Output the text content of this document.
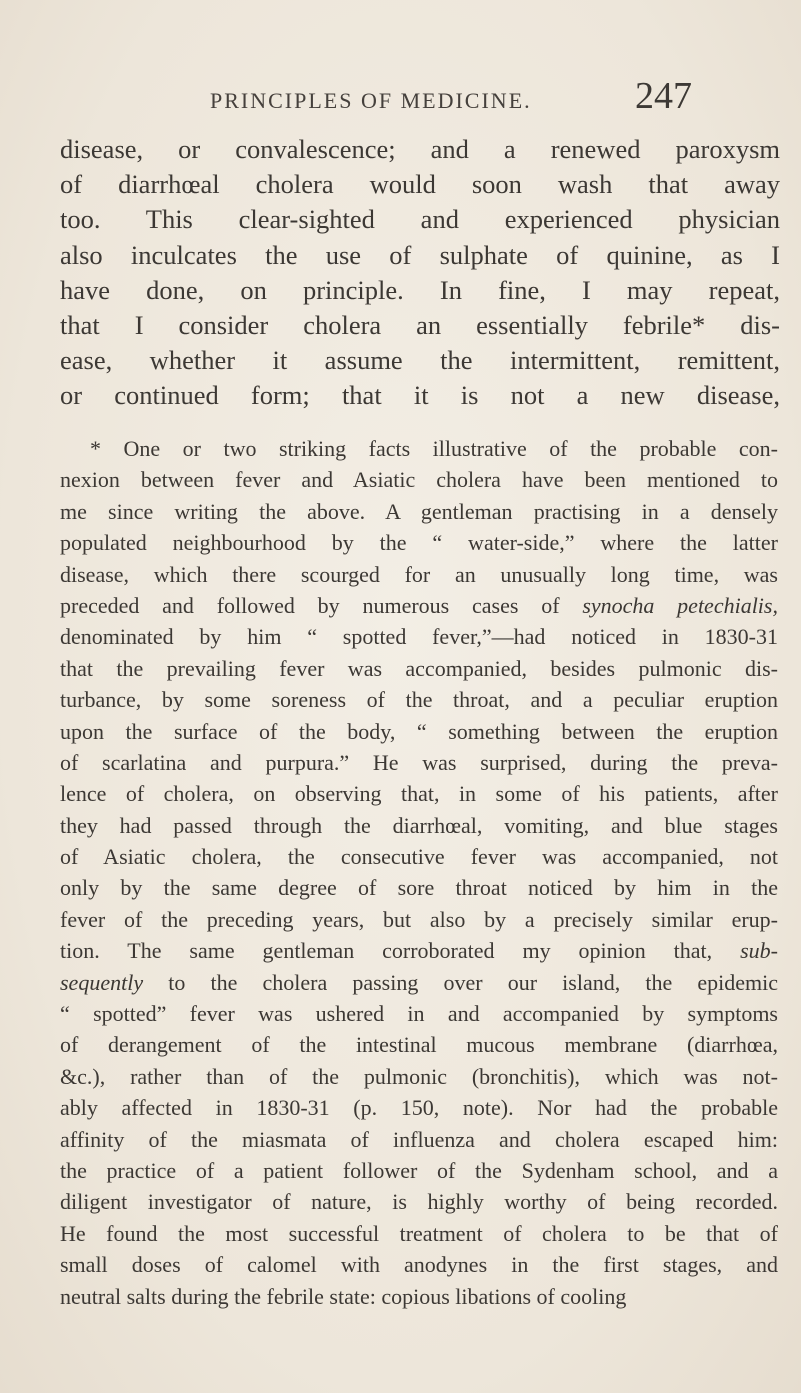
PRINCIPLES OF MEDICINE.	247
disease, or convalescence; and a renewed paroxysm
of diarrhœal cholera would soon wash that away
too. This clear-sighted and experienced physician
also inculcates the use of sulphate of quinine, as I
have done, on principle. In fine, I may repeat,
that I consider cholera an essentially febrile* dis-
ease, whether it assume the intermittent, remittent,
or continued form; that it is not a new disease,
* One or two striking facts illustrative of the probable con-
nexion between fever and Asiatic cholera have been mentioned to
me since writing the above. A gentleman practising in a densely
populated neighbourhood by the “ water-side,” where the latter
disease, which there scourged for an unusually long time, was
preceded and followed by numerous cases of synocha petechialis,
denominated by him “ spotted fever,”—had noticed in 1830-31
that the prevailing fever was accompanied, besides pulmonic dis-
turbance, by some soreness of the throat, and a peculiar eruption
upon the surface of the body, “ something between the eruption
of scarlatina and purpura.” He was surprised, during the preva-
lence of cholera, on observing that, in some of his patients, after
they had passed through the diarrhœal, vomiting, and blue stages
of Asiatic cholera, the consecutive fever was accompanied, not
only by the same degree of sore throat noticed by him in the
fever of the preceding years, but also by a precisely similar erup-
tion. The same gentleman corroborated my opinion that, sub-
sequently to the cholera passing over our island, the epidemic
“ spotted” fever was ushered in and accompanied by symptoms
of derangement of the intestinal mucous membrane (diarrhœa,
&c.), rather than of the pulmonic (bronchitis), which was not-
ably affected in 1830-31 (p. 150, note). Nor had the probable
affinity of the miasmata of influenza and cholera escaped him:
the practice of a patient follower of the Sydenham school, and a
diligent investigator of nature, is highly worthy of being recorded.
He found the most successful treatment of cholera to be that of
small doses of calomel with anodynes in the first stages, and
neutral salts during the febrile state: copious libations of cooling
